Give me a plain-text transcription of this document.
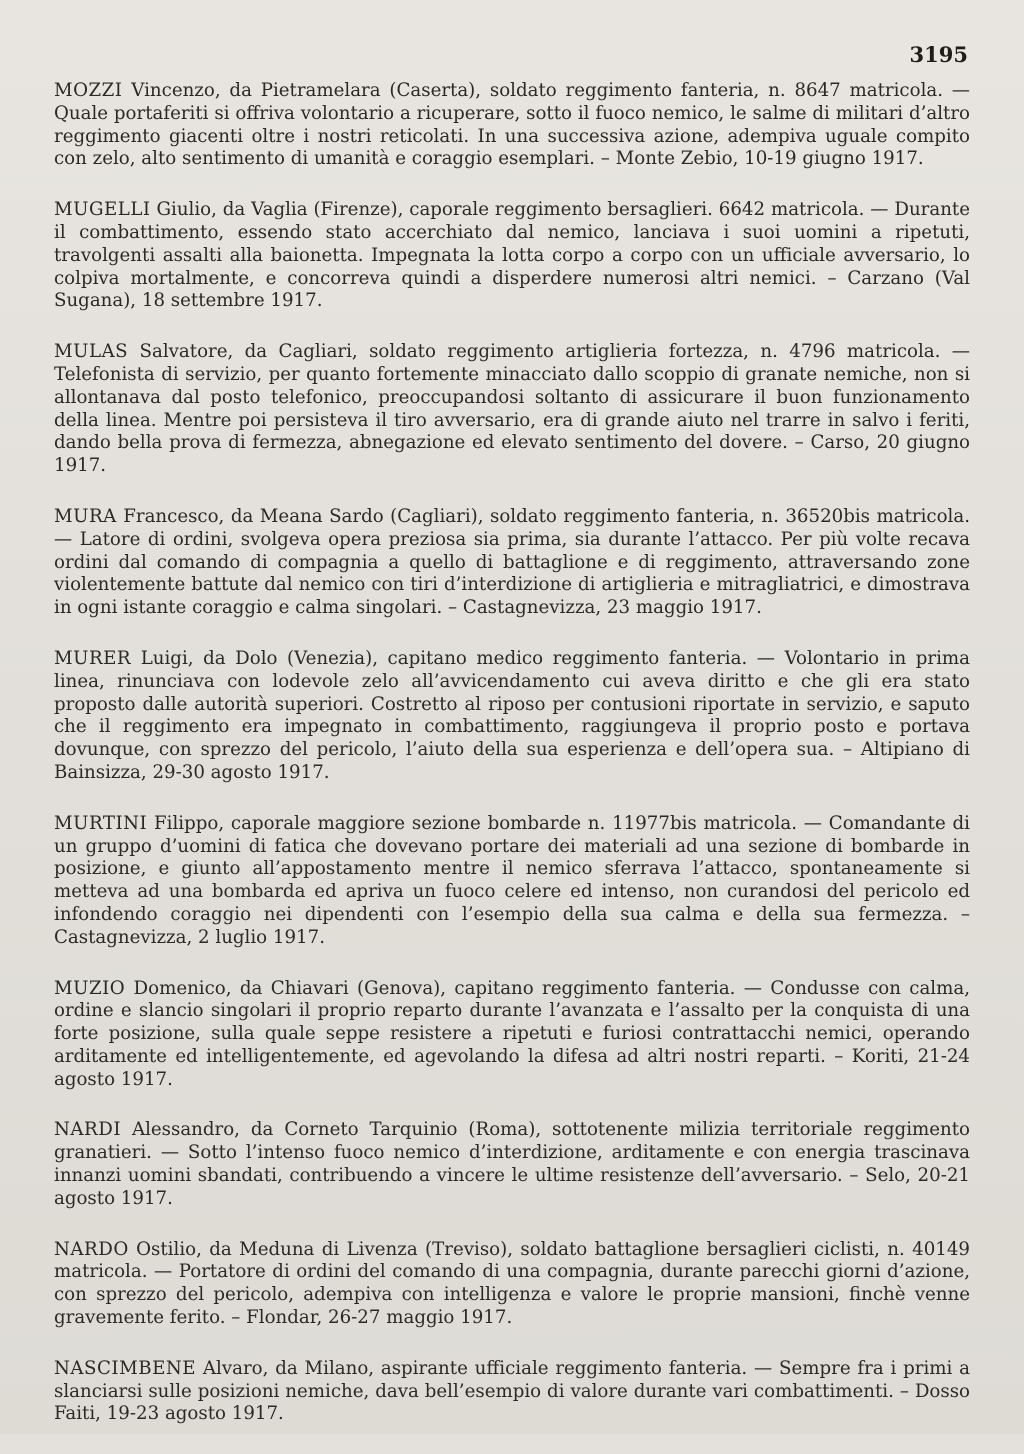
3195

MOZZI Vincenzo, da Pietramelara (Caserta), soldato reggimento fanteria, n. 8647 matricola. — Quale portaferiti si offriva volontario a ricuperare, sotto il fuoco nemico, le salme di militari d’altro reggimento giacenti oltre i nostri reticolati. In una successiva azione, adempiva uguale compito con zelo, alto sentimento di umanità e coraggio esemplari. – Monte Zebio, 10-19 giugno 1917.

MUGELLI Giulio, da Vaglia (Firenze), caporale reggimento bersaglieri. 6642 matricola. — Durante il combattimento, essendo stato accerchiato dal nemico, lanciava i suoi uomini a ripetuti, travolgenti assalti alla baionetta. Impegnata la lotta corpo a corpo con un ufficiale avversario, lo colpiva mortalmente, e concorreva quindi a disperdere numerosi altri nemici. – Carzano (Val Sugana), 18 settembre 1917.

MULAS Salvatore, da Cagliari, soldato reggimento artiglieria fortezza, n. 4796 matricola. — Telefonista di servizio, per quanto fortemente minacciato dallo scoppio di granate nemiche, non si allontanava dal posto telefonico, preoccupandosi soltanto di assicurare il buon funzionamento della linea. Mentre poi persisteva il tiro avversario, era di grande aiuto nel trarre in salvo i feriti, dando bella prova di fermezza, abnegazione ed elevato sentimento del dovere. – Carso, 20 giugno 1917.

MURA Francesco, da Meana Sardo (Cagliari), soldato reggimento fanteria, n. 36520bis matricola. — Latore di ordini, svolgeva opera preziosa sia prima, sia durante l’attacco. Per più volte recava ordini dal comando di compagnia a quello di battaglione e di reggimento, attraversando zone violentemente battute dal nemico con tiri d’interdizione di artiglieria e mitragliatrici, e dimostrava in ogni istante coraggio e calma singolari. – Castagnevizza, 23 maggio 1917.

MURER Luigi, da Dolo (Venezia), capitano medico reggimento fanteria. — Volontario in prima linea, rinunciava con lodevole zelo all’avvicendamento cui aveva diritto e che gli era stato proposto dalle autorità superiori. Costretto al riposo per contusioni riportate in servizio, e saputo che il reggimento era impegnato in combattimento, raggiungeva il proprio posto e portava dovunque, con sprezzo del pericolo, l’aiuto della sua esperienza e dell’opera sua. – Altipiano di Bainsizza, 29-30 agosto 1917.

MURTINI Filippo, caporale maggiore sezione bombarde n. 11977bis matricola. — Comandante di un gruppo d’uomini di fatica che dovevano portare dei materiali ad una sezione di bombarde in posizione, e giunto all’appostamento mentre il nemico sferrava l’attacco, spontaneamente si metteva ad una bombarda ed apriva un fuoco celere ed intenso, non curandosi del pericolo ed infondendo coraggio nei dipendenti con l’esempio della sua calma e della sua fermezza. – Castagnevizza, 2 luglio 1917.

MUZIO Domenico, da Chiavari (Genova), capitano reggimento fanteria. — Condusse con calma, ordine e slancio singolari il proprio reparto durante l’avanzata e l’assalto per la conquista di una forte posizione, sulla quale seppe resistere a ripetuti e furiosi contrattacchi nemici, operando arditamente ed intelligentemente, ed agevolando la difesa ad altri nostri reparti. – Koriti, 21-24 agosto 1917.

NARDI Alessandro, da Corneto Tarquinio (Roma), sottotenente milizia territoriale reggimento granatieri. — Sotto l’intenso fuoco nemico d’interdizione, arditamente e con energia trascinava innanzi uomini sbandati, contribuendo a vincere le ultime resistenze dell’avversario. – Selo, 20-21 agosto 1917.

NARDO Ostilio, da Meduna di Livenza (Treviso), soldato battaglione bersaglieri ciclisti, n. 40149 matricola. — Portatore di ordini del comando di una compagnia, durante parecchi giorni d’azione, con sprezzo del pericolo, adempiva con intelligenza e valore le proprie mansioni, finchè venne gravemente ferito. – Flondar, 26-27 maggio 1917.

NASCIMBENE Alvaro, da Milano, aspirante ufficiale reggimento fanteria. — Sempre fra i primi a slanciarsi sulle posizioni nemiche, dava bell’esempio di valore durante vari combattimenti. – Dosso Faiti, 19-23 agosto 1917.
